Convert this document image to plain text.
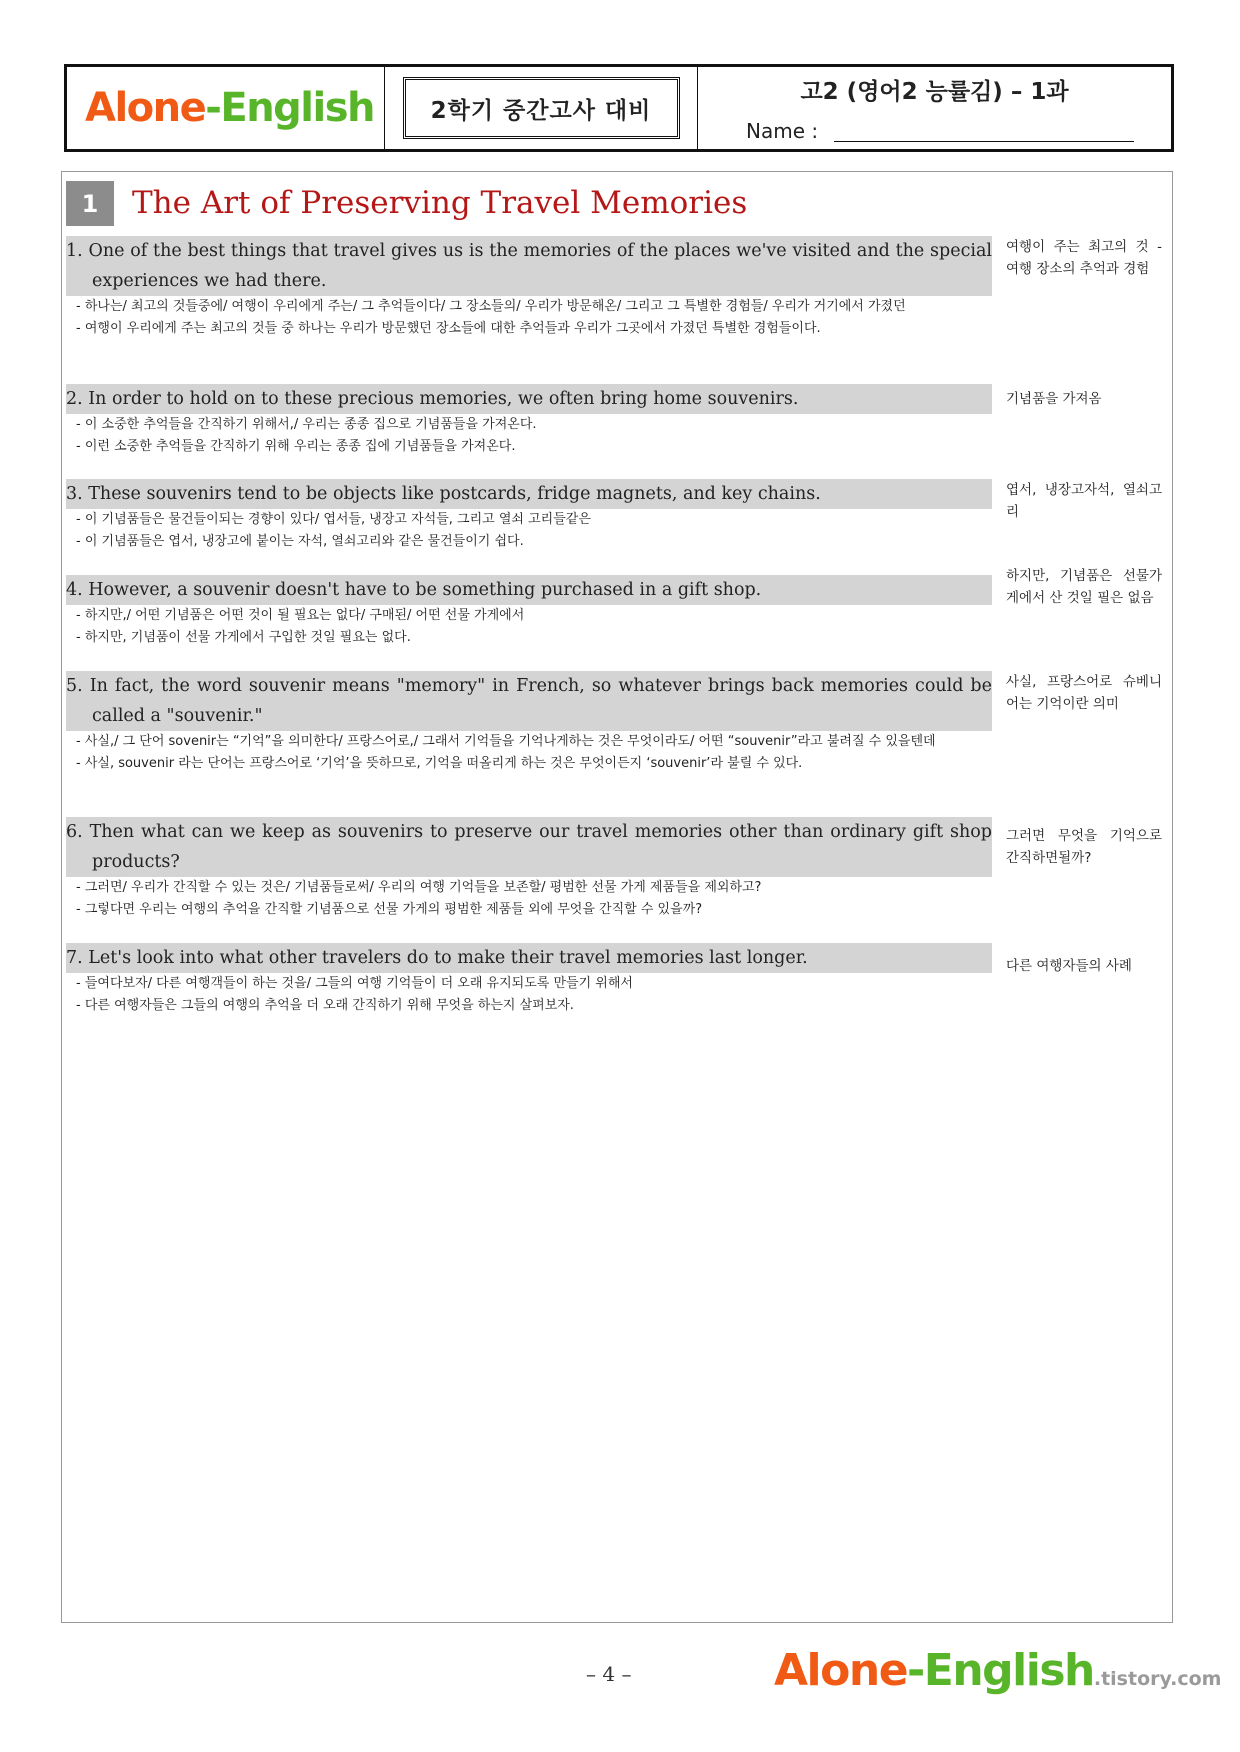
Alone-English	2학기 중간고사 대비
고2 (영어2 능률김) – 1과
Name :
1	The Art of Preserving Travel Memories
1. One of the best things that travel gives us is the memories of the places we've visited and the special experiences we had there.
- 하나는/ 최고의 것들중에/ 여행이 우리에게 주는/ 그 추억들이다/ 그 장소들의/ 우리가 방문해온/ 그리고 그 특별한 경험들/ 우리가 거기에서 가졌던
- 여행이 우리에게 주는 최고의 것들 중 하나는 우리가 방문했던 장소들에 대한 추억들과 우리가 그곳에서 가졌던 특별한 경험들이다.
여행이 주는 최고의 것 - 여행 장소의 추억과 경험
2. In order to hold on to these precious memories, we often bring home souvenirs.
- 이 소중한 추억들을 간직하기 위해서,/ 우리는 종종 집으로 기념품들을 가져온다.
- 이런 소중한 추억들을 간직하기 위해 우리는 종종 집에 기념품들을 가져온다.
기념품을 가져옴
3. These souvenirs tend to be objects like postcards, fridge magnets, and key chains.
- 이 기념품들은 물건들이되는 경향이 있다/ 엽서들, 냉장고 자석들, 그리고 열쇠 고리들같은
- 이 기념품들은 엽서, 냉장고에 붙이는 자석, 열쇠고리와 같은 물건들이기 쉽다.
엽서, 냉장고자석, 열쇠고리
4. However, a souvenir doesn't have to be something purchased in a gift shop.
- 하지만,/ 어떤 기념품은 어떤 것이 될 필요는 없다/ 구매된/ 어떤 선물 가게에서
- 하지만, 기념품이 선물 가게에서 구입한 것일 필요는 없다.
하지만, 기념품은 선물가게에서 산 것일 필은 없음
5. In fact, the word souvenir means "memory" in French, so whatever brings back memories could be called a "souvenir."
- 사실,/ 그 단어 sovenir는 “기억”을 의미한다/ 프랑스어로,/ 그래서 기억들을 기억나게하는 것은 무엇이라도/ 어떤 “souvenir”라고 불려질 수 있을텐데
- 사실, souvenir 라는 단어는 프랑스어로 ‘기억’을 뜻하므로, 기억을 떠올리게 하는 것은 무엇이든지 ‘souvenir’라 불릴 수 있다.
사실, 프랑스어로 슈베니어는 기억이란 의미
6. Then what can we keep as souvenirs to preserve our travel memories other than ordinary gift shop products?
- 그러면/ 우리가 간직할 수 있는 것은/ 기념품들로써/ 우리의 여행 기억들을 보존할/ 평범한 선물 가게 제품들을 제외하고?
- 그렇다면 우리는 여행의 추억을 간직할 기념품으로 선물 가게의 평범한 제품들 외에 무엇을 간직할 수 있을까?
그러면 무엇을 기억으로 간직하면될까?
7. Let's look into what other travelers do to make their travel memories last longer.
- 들여다보자/ 다른 여행객들이 하는 것을/ 그들의 여행 기억들이 더 오래 유지되도록 만들기 위해서
- 다른 여행자들은 그들의 여행의 추억을 더 오래 간직하기 위해 무엇을 하는지 살펴보자.
다른 여행자들의 사례
– 4 –	Alone-English.tistory.com
